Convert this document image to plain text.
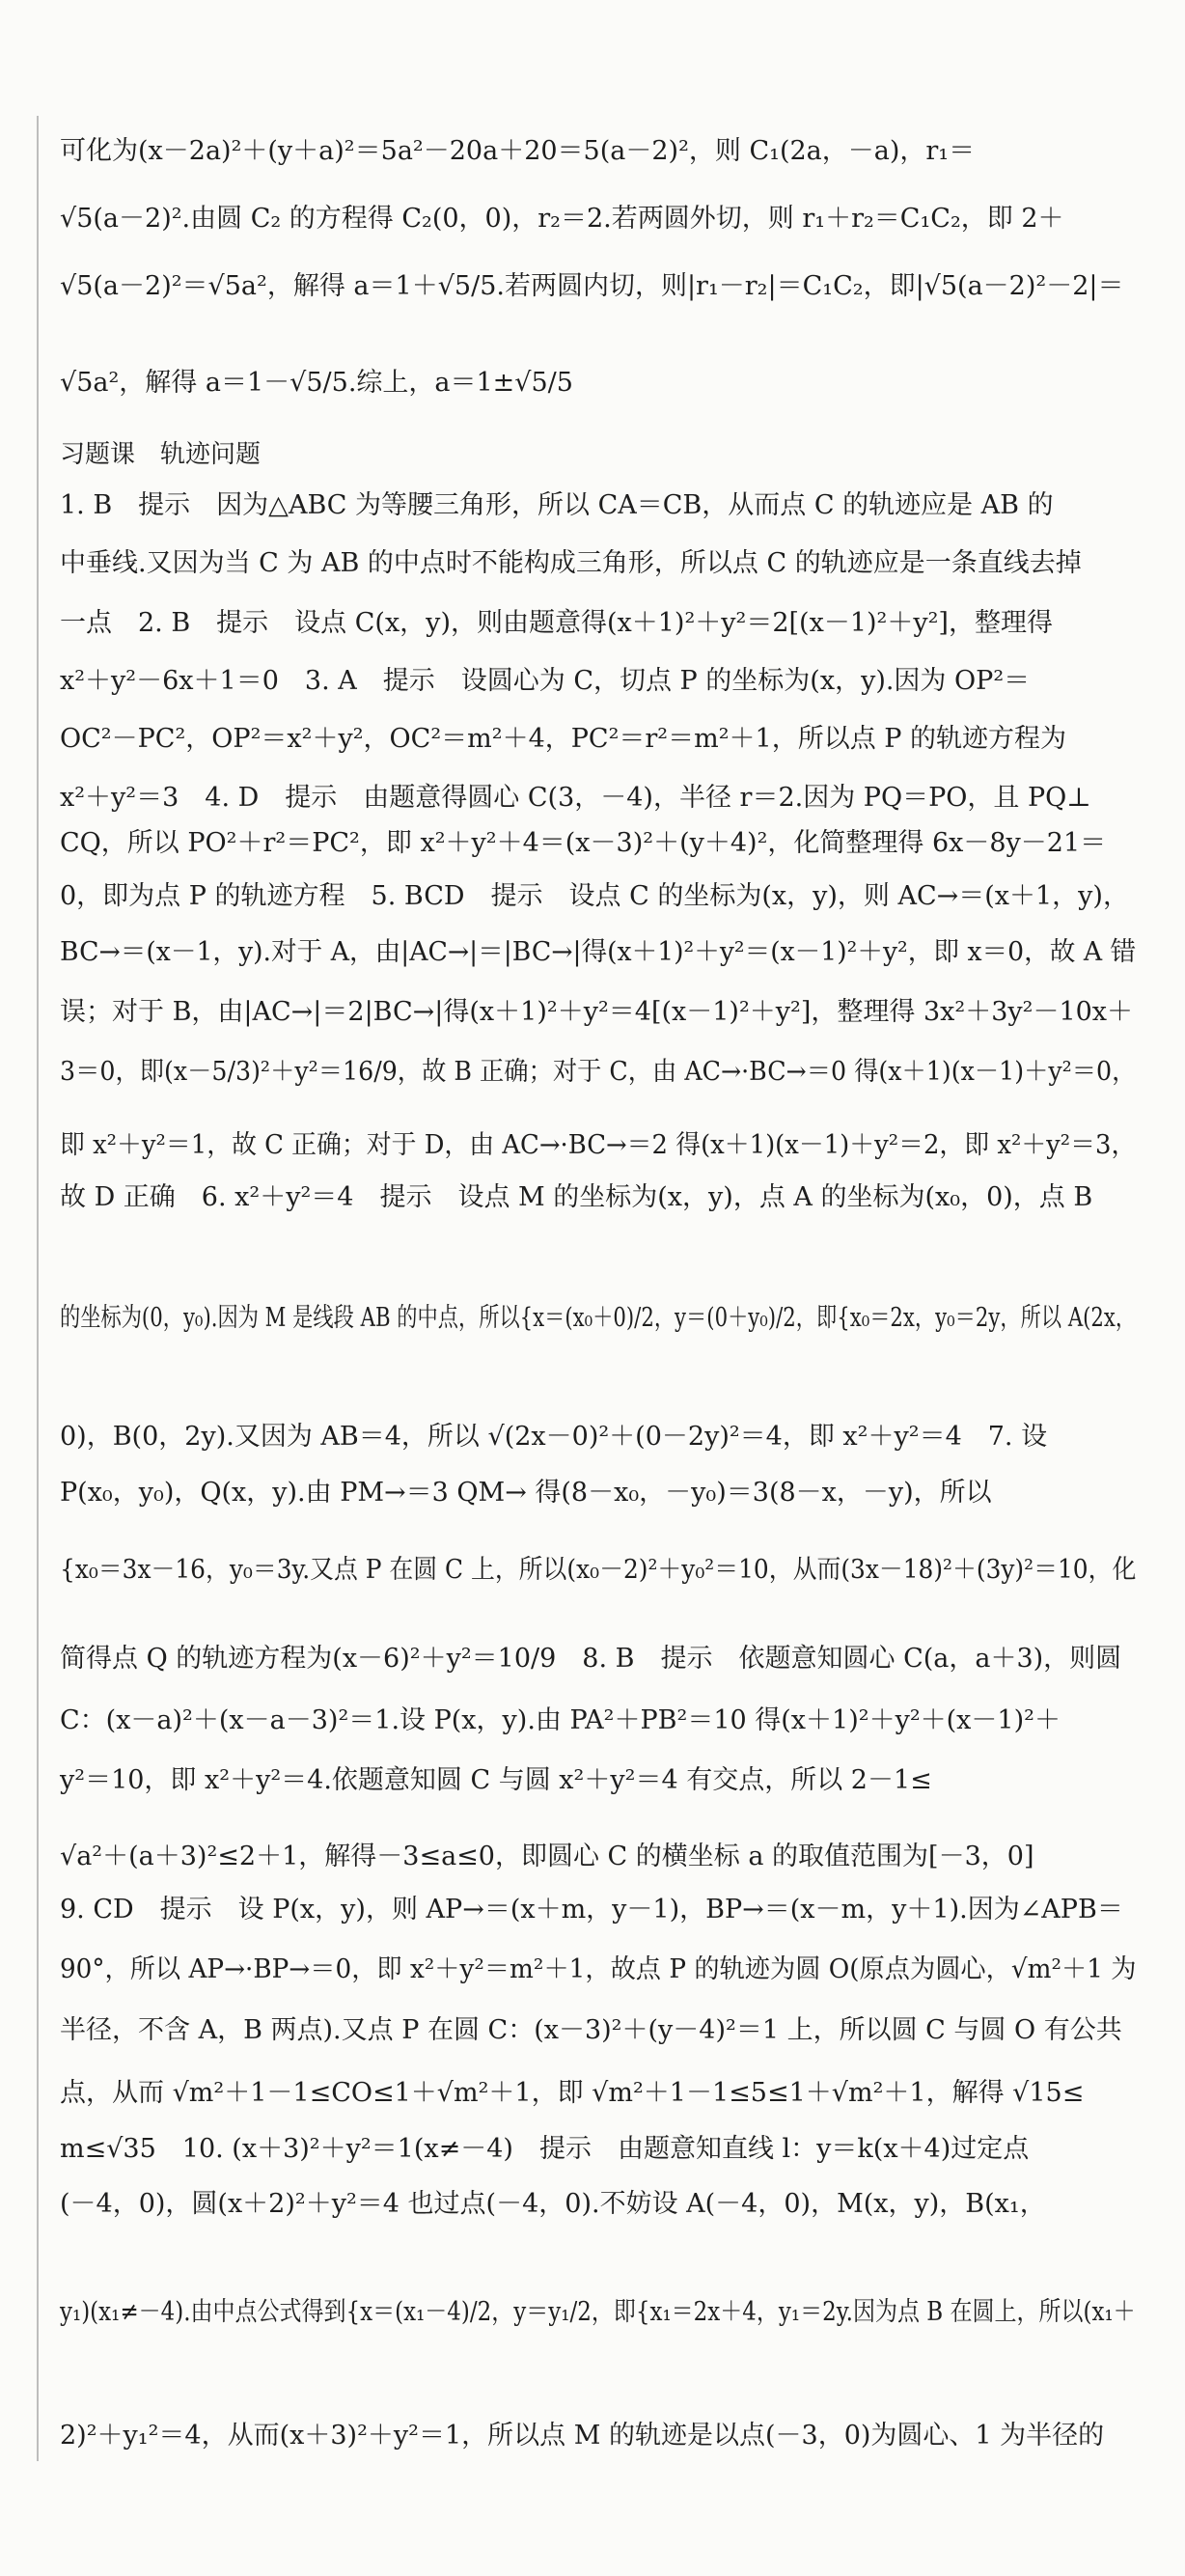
可化为(x－2a)²＋(y＋a)²＝5a²－20a＋20＝5(a－2)²，则 C₁(2a，－a)，r₁＝
√5(a－2)².由圆 C₂ 的方程得 C₂(0，0)，r₂＝2.若两圆外切，则 r₁＋r₂＝C₁C₂，即 2＋
√5(a－2)²＝√5a²，解得 a＝1＋√5/5.若两圆内切，则|r₁－r₂|＝C₁C₂，即|√5(a－2)²－2|＝
√5a²，解得 a＝1－√5/5.综上，a＝1±√5/5
习题课　轨迹问题
1. B　提示　因为△ABC 为等腰三角形，所以 CA＝CB，从而点 C 的轨迹应是 AB 的
中垂线.又因为当 C 为 AB 的中点时不能构成三角形，所以点 C 的轨迹应是一条直线去掉
一点　2. B　提示　设点 C(x，y)，则由题意得(x＋1)²＋y²＝2[(x－1)²＋y²]，整理得
x²＋y²－6x＋1＝0　3. A　提示　设圆心为 C，切点 P 的坐标为(x，y).因为 OP²＝
OC²－PC²，OP²＝x²＋y²，OC²＝m²＋4，PC²＝r²＝m²＋1，所以点 P 的轨迹方程为
x²＋y²＝3　4. D　提示　由题意得圆心 C(3，－4)，半径 r＝2.因为 PQ＝PO，且 PQ⊥
CQ，所以 PO²＋r²＝PC²，即 x²＋y²＋4＝(x－3)²＋(y＋4)²，化简整理得 6x－8y－21＝
0，即为点 P 的轨迹方程　5. BCD　提示　设点 C 的坐标为(x，y)，则 AC→＝(x＋1，y)，
BC→＝(x－1，y).对于 A，由|AC→|＝|BC→|得(x＋1)²＋y²＝(x－1)²＋y²，即 x＝0，故 A 错
误；对于 B，由|AC→|＝2|BC→|得(x＋1)²＋y²＝4[(x－1)²＋y²]，整理得 3x²＋3y²－10x＋
3＝0，即(x－5/3)²＋y²＝16/9，故 B 正确；对于 C，由 AC→·BC→＝0 得(x＋1)(x－1)＋y²＝0，
即 x²＋y²＝1，故 C 正确；对于 D，由 AC→·BC→＝2 得(x＋1)(x－1)＋y²＝2，即 x²＋y²＝3，
故 D 正确　6. x²＋y²＝4　提示　设点 M 的坐标为(x，y)，点 A 的坐标为(x₀，0)，点 B
的坐标为(0，y₀).因为 M 是线段 AB 的中点，所以{x＝(x₀＋0)/2，y＝(0＋y₀)/2，即{x₀＝2x，y₀＝2y，所以 A(2x，
0)，B(0，2y).又因为 AB＝4，所以 √(2x－0)²＋(0－2y)²＝4，即 x²＋y²＝4　7. 设
P(x₀，y₀)，Q(x，y).由 PM→＝3 QM→ 得(8－x₀，－y₀)＝3(8－x，－y)，所以
{x₀＝3x－16，y₀＝3y.又点 P 在圆 C 上，所以(x₀－2)²＋y₀²＝10，从而(3x－18)²＋(3y)²＝10，化
简得点 Q 的轨迹方程为(x－6)²＋y²＝10/9　8. B　提示　依题意知圆心 C(a，a＋3)，则圆
C：(x－a)²＋(x－a－3)²＝1.设 P(x，y).由 PA²＋PB²＝10 得(x＋1)²＋y²＋(x－1)²＋
y²＝10，即 x²＋y²＝4.依题意知圆 C 与圆 x²＋y²＝4 有交点，所以 2－1≤
√a²＋(a＋3)²≤2＋1，解得－3≤a≤0，即圆心 C 的横坐标 a 的取值范围为[－3，0]
9. CD　提示　设 P(x，y)，则 AP→＝(x＋m，y－1)，BP→＝(x－m，y＋1).因为∠APB＝
90°，所以 AP→·BP→＝0，即 x²＋y²＝m²＋1，故点 P 的轨迹为圆 O(原点为圆心，√m²＋1 为
半径，不含 A，B 两点).又点 P 在圆 C：(x－3)²＋(y－4)²＝1 上，所以圆 C 与圆 O 有公共
点，从而 √m²＋1－1≤CO≤1＋√m²＋1，即 √m²＋1－1≤5≤1＋√m²＋1，解得 √15≤
m≤√35　10. (x＋3)²＋y²＝1(x≠－4)　提示　由题意知直线 l：y＝k(x＋4)过定点
(－4，0)，圆(x＋2)²＋y²＝4 也过点(－4，0).不妨设 A(－4，0)，M(x，y)，B(x₁，
y₁)(x₁≠－4).由中点公式得到{x＝(x₁－4)/2，y＝y₁/2，即{x₁＝2x＋4，y₁＝2y.因为点 B 在圆上，所以(x₁＋
2)²＋y₁²＝4，从而(x＋3)²＋y²＝1，所以点 M 的轨迹是以点(－3，0)为圆心、1 为半径的
